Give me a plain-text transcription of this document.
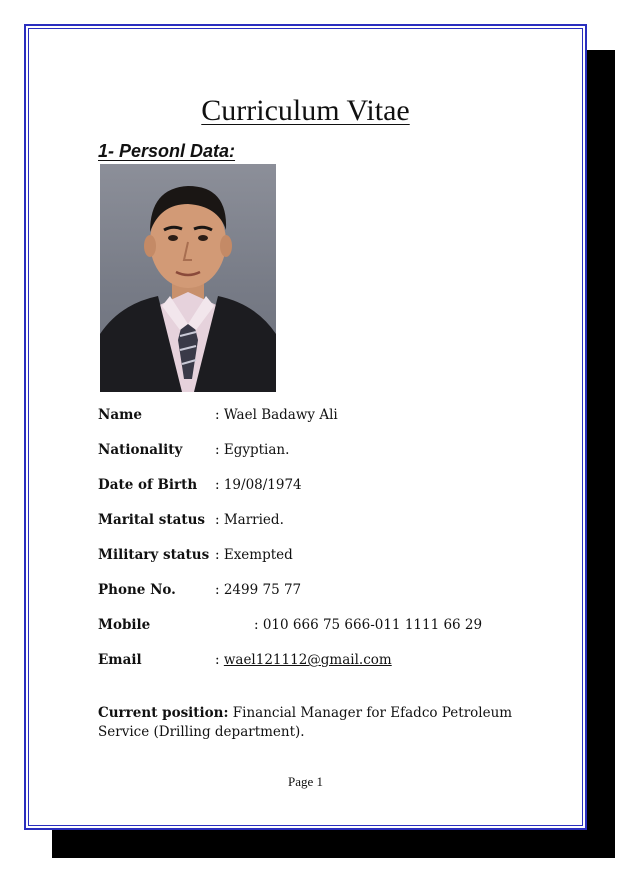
Curriculum Vitae
1- Personl Data:
Name	: Wael Badawy Ali
Nationality : Egyptian.
Date of Birth : 19/08/1974
Marital status : Married.
Military status : Exempted
Phone No.	: 2499 75 77
Mobile	: 010 666 75 666-011 1111 66 29
Email	: wael121112@gmail.com
Current position: Financial Manager for Efadco Petroleum Service (Drilling department).
Page 1
